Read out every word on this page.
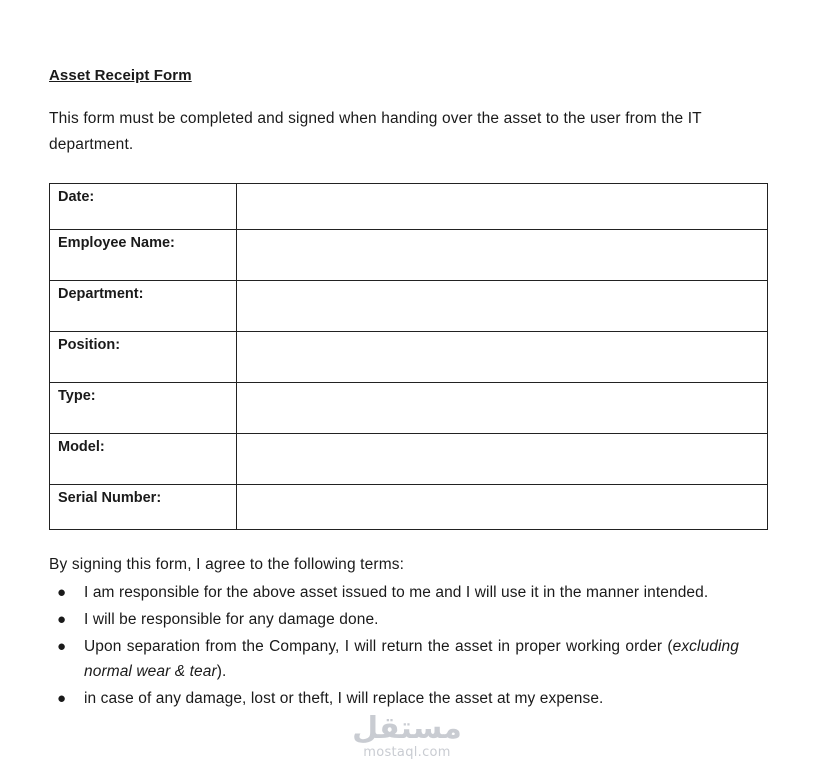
Asset Receipt Form
This form must be completed and signed when handing over the asset to the user from the IT department.
Date:	
Employee Name:	
Department:	
Position:	
Type:	
Model:	
Serial Number:	
By signing this form, I agree to the following terms:
● I am responsible for the above asset issued to me and I will use it in the manner intended.
● I will be responsible for any damage done.
● Upon separation from the Company, I will return the asset in proper working order (excluding normal wear & tear).
● in case of any damage, lost or theft, I will replace the asset at my expense.
مستقل
mostaql.com
